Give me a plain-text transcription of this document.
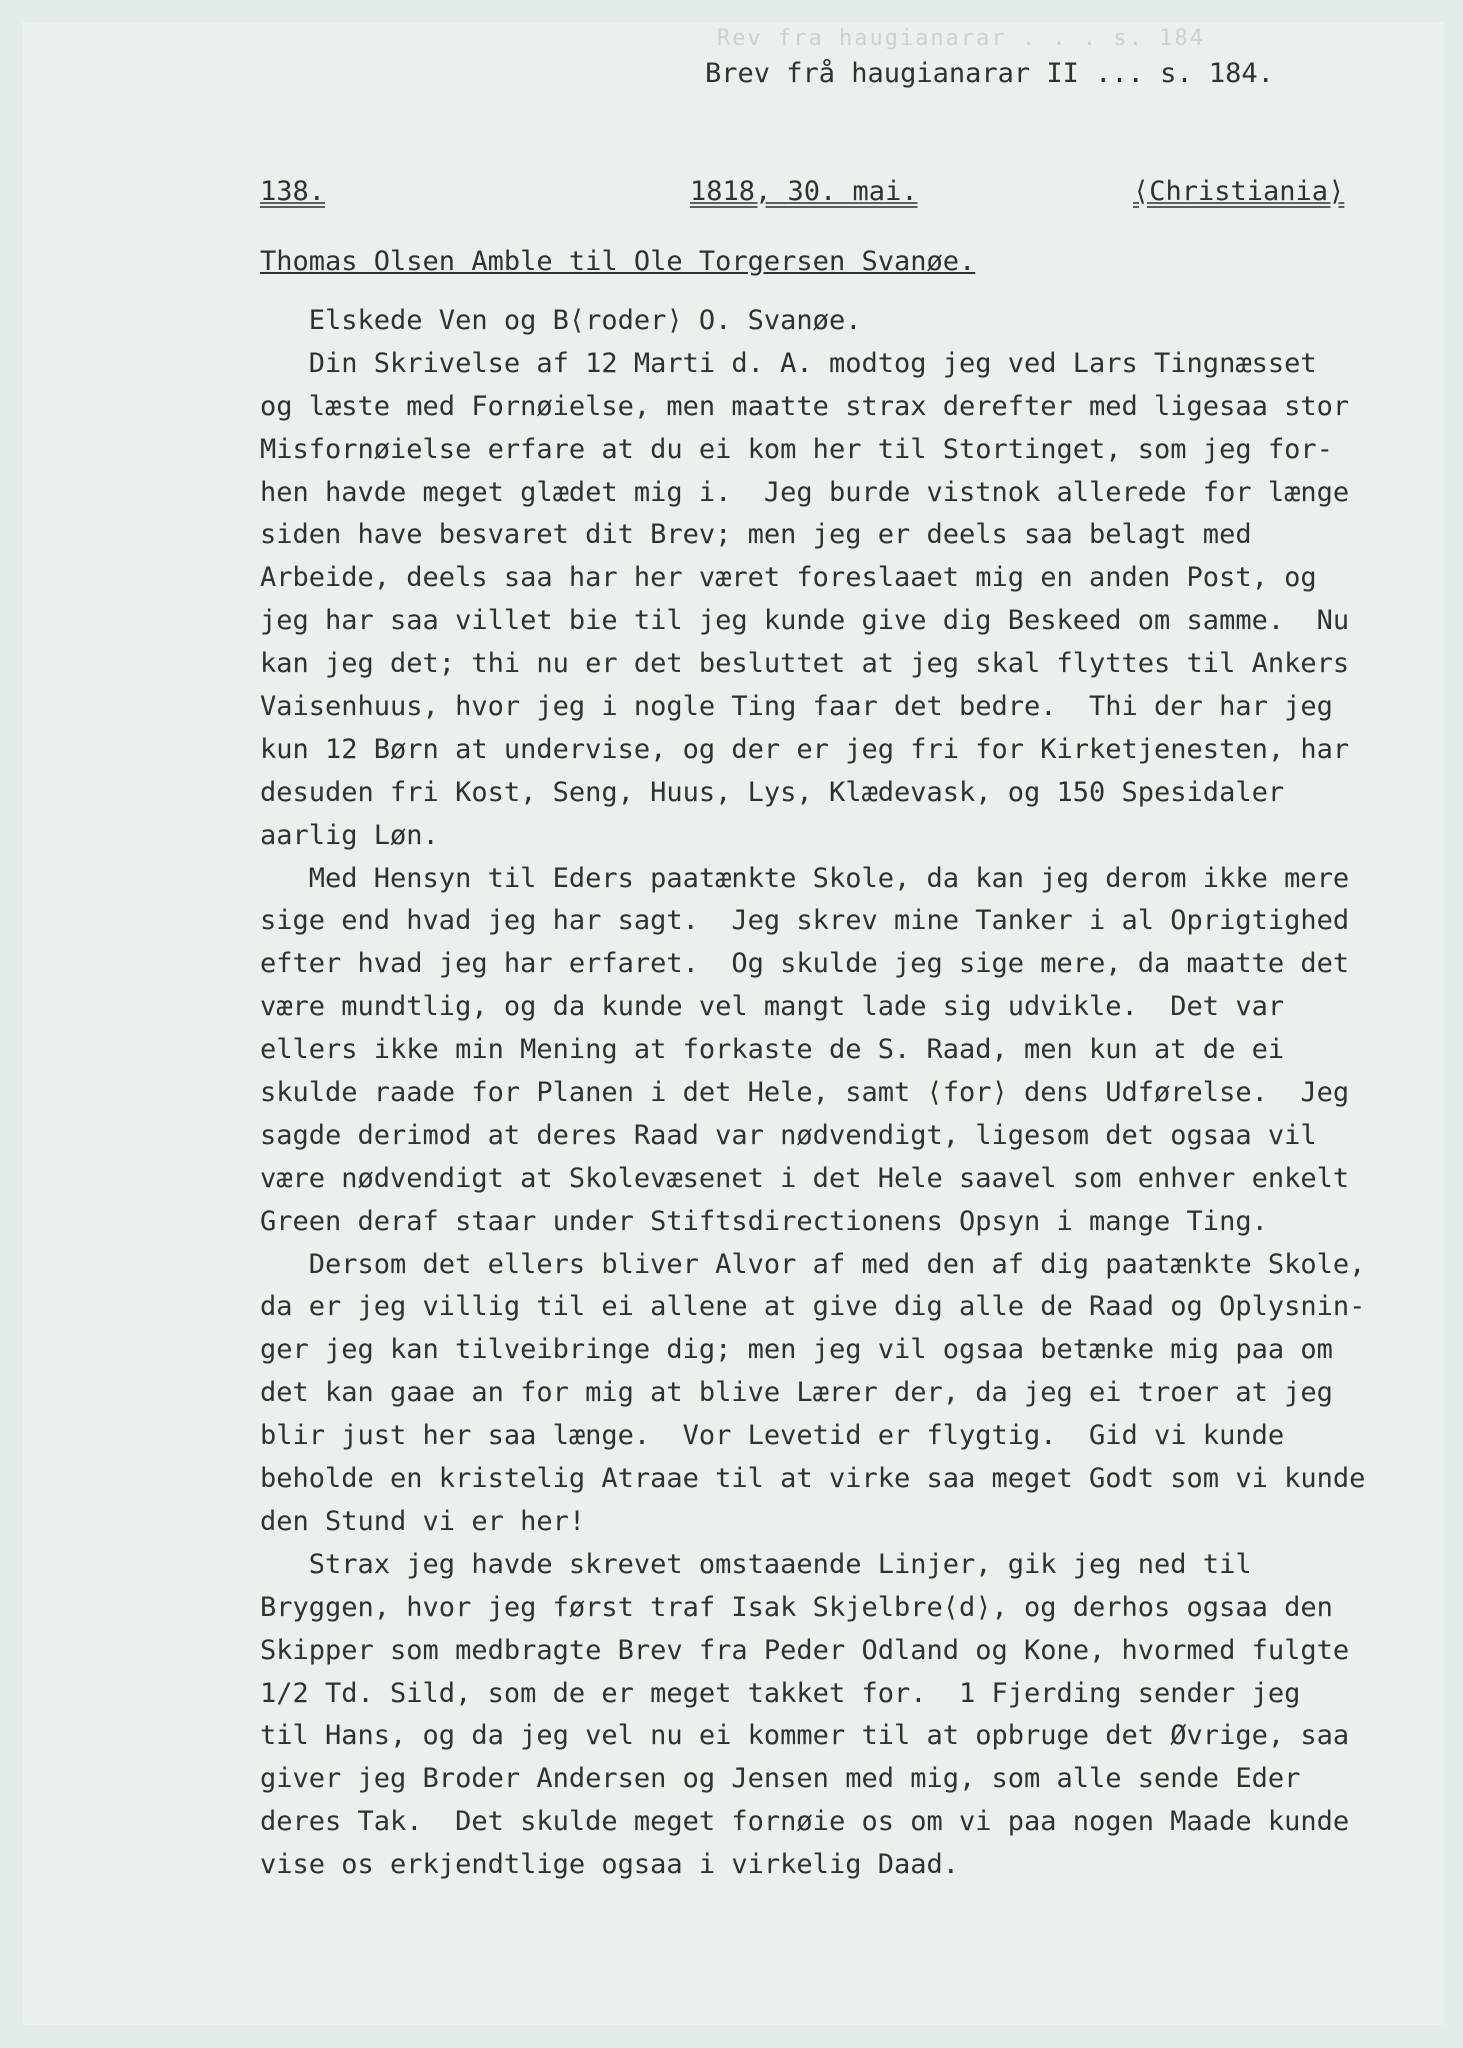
Rev fra haugianarar . . . s. 184
Brev frå haugianarar II ... s. 184.
138.	1818, 30. mai.	⟨Christiania⟩
Thomas Olsen Amble til Ole Torgersen Svanøe.
Elskede Ven og B⟨roder⟩ O. Svanøe.
Din Skrivelse af 12 Marti d. A. modtog jeg ved Lars Tingnæsset
og læste med Fornøielse, men maatte strax derefter med ligesaa stor
Misfornøielse erfare at du ei kom her til Stortinget, som jeg for-
hen havde meget glædet mig i.  Jeg burde vistnok allerede for længe
siden have besvaret dit Brev; men jeg er deels saa belagt med
Arbeide, deels saa har her været foreslaaet mig en anden Post, og
jeg har saa villet bie til jeg kunde give dig Beskeed om samme.  Nu
kan jeg det; thi nu er det besluttet at jeg skal flyttes til Ankers
Vaisenhuus, hvor jeg i nogle Ting faar det bedre.  Thi der har jeg
kun 12 Børn at undervise, og der er jeg fri for Kirketjenesten, har
desuden fri Kost, Seng, Huus, Lys, Klædevask, og 150 Spesidaler
aarlig Løn.
Med Hensyn til Eders paatænkte Skole, da kan jeg derom ikke mere
sige end hvad jeg har sagt.  Jeg skrev mine Tanker i al Oprigtighed
efter hvad jeg har erfaret.  Og skulde jeg sige mere, da maatte det
være mundtlig, og da kunde vel mangt lade sig udvikle.  Det var
ellers ikke min Mening at forkaste de S. Raad, men kun at de ei
skulde raade for Planen i det Hele, samt ⟨for⟩ dens Udførelse.  Jeg
sagde derimod at deres Raad var nødvendigt, ligesom det ogsaa vil
være nødvendigt at Skolevæsenet i det Hele saavel som enhver enkelt
Green deraf staar under Stiftsdirectionens Opsyn i mange Ting.
Dersom det ellers bliver Alvor af med den af dig paatænkte Skole,
da er jeg villig til ei allene at give dig alle de Raad og Oplysnin-
ger jeg kan tilveibringe dig; men jeg vil ogsaa betænke mig paa om
det kan gaae an for mig at blive Lærer der, da jeg ei troer at jeg
blir just her saa længe.  Vor Levetid er flygtig.  Gid vi kunde
beholde en kristelig Atraae til at virke saa meget Godt som vi kunde
den Stund vi er her!
Strax jeg havde skrevet omstaaende Linjer, gik jeg ned til
Bryggen, hvor jeg først traf Isak Skjelbre⟨d⟩, og derhos ogsaa den
Skipper som medbragte Brev fra Peder Odland og Kone, hvormed fulgte
1/2 Td. Sild, som de er meget takket for.  1 Fjerding sender jeg
til Hans, og da jeg vel nu ei kommer til at opbruge det Øvrige, saa
giver jeg Broder Andersen og Jensen med mig, som alle sende Eder
deres Tak.  Det skulde meget fornøie os om vi paa nogen Maade kunde
vise os erkjendtlige ogsaa i virkelig Daad.
